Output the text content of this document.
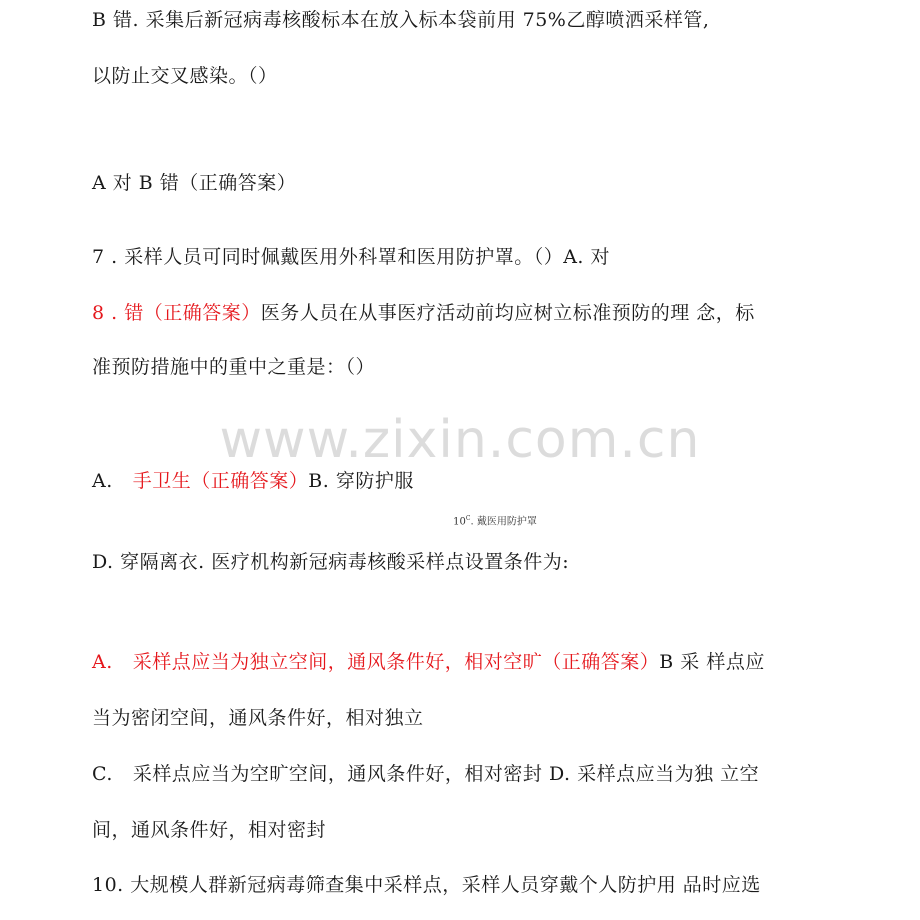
www.zixin.com.cn
B 错. 采集后新冠病毒核酸标本在放入标本袋前用 75%乙醇喷洒采样管,
以防止交叉感染。（）
A 对 B 错（正确答案）
7 . 采样人员可同时佩戴医用外科罩和医用防护罩。（）A. 对
8 . 错（正确答案）医务人员在从事医疗活动前均应树立标准预防的理 念，标
准预防措施中的重中之重是：（）
A. 手卫生（正确答案）B. 穿防护服
$10^C$. 戴医用防护罩
D. 穿隔离衣. 医疗机构新冠病毒核酸采样点设置条件为:
A. 采样点应当为独立空间，通风条件好，相对空旷（正确答案）B 采 样点应
当为密闭空间，通风条件好，相对独立
C. 采样点应当为空旷空间，通风条件好，相对密封 D. 采样点应当为独 立空
间，通风条件好，相对密封
10. 大规模人群新冠病毒筛查集中采样点，采样人员穿戴个人防护用 品时应选
